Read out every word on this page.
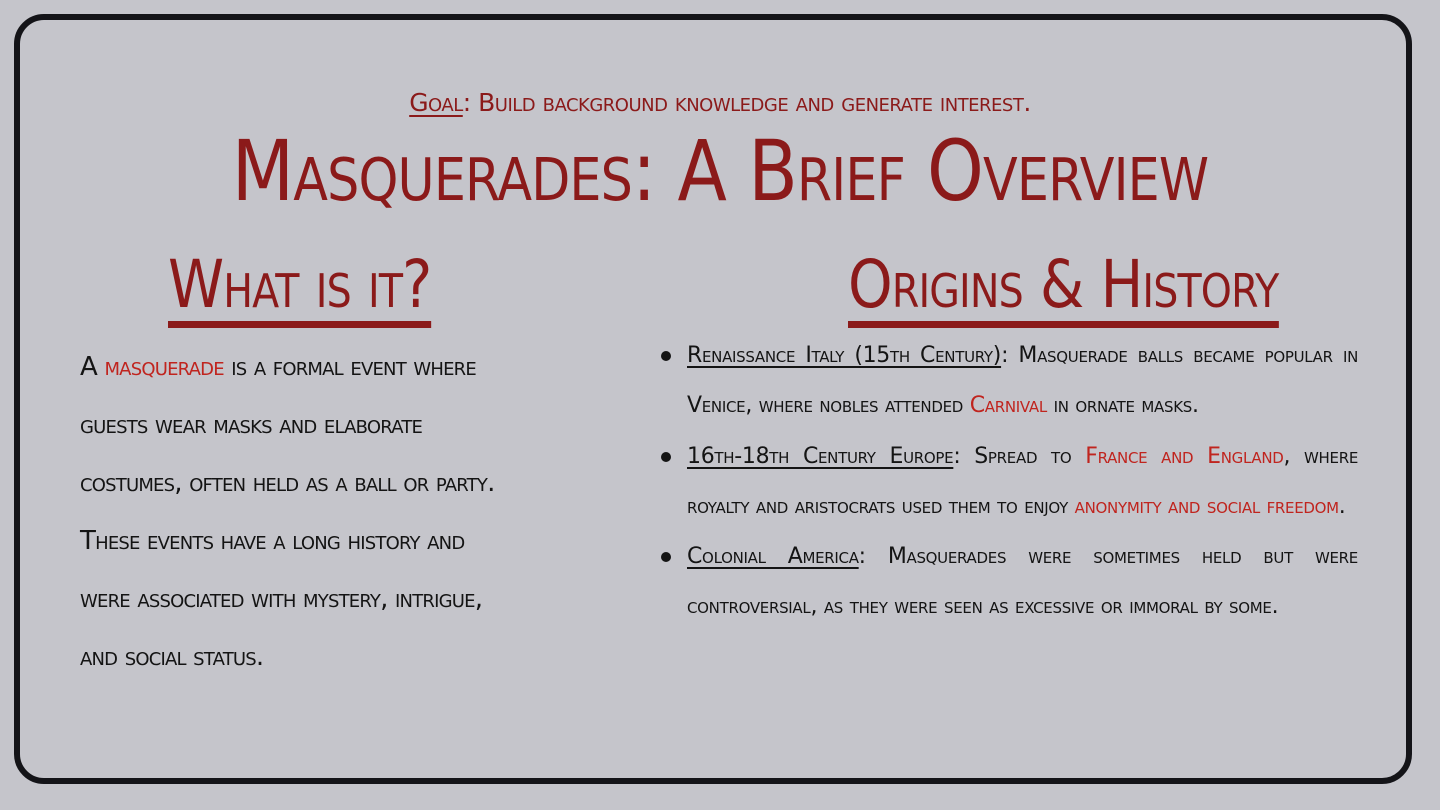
Goal: Build background knowledge and generate interest.
Masquerades: A Brief Overview
What is it?	Origins & History
A masquerade is a formal event where guests wear masks and elaborate costumes, often held as a ball or party. These events have a long history and were associated with mystery, intrigue, and social status.
Renaissance Italy (15th Century): Masquerade balls became popular in Venice, where nobles attended Carnival in ornate masks.
16th-18th Century Europe: Spread to France and England, where royalty and aristocrats used them to enjoy anonymity and social freedom.
Colonial America: Masquerades were sometimes held but were controversial, as they were seen as excessive or immoral by some.
